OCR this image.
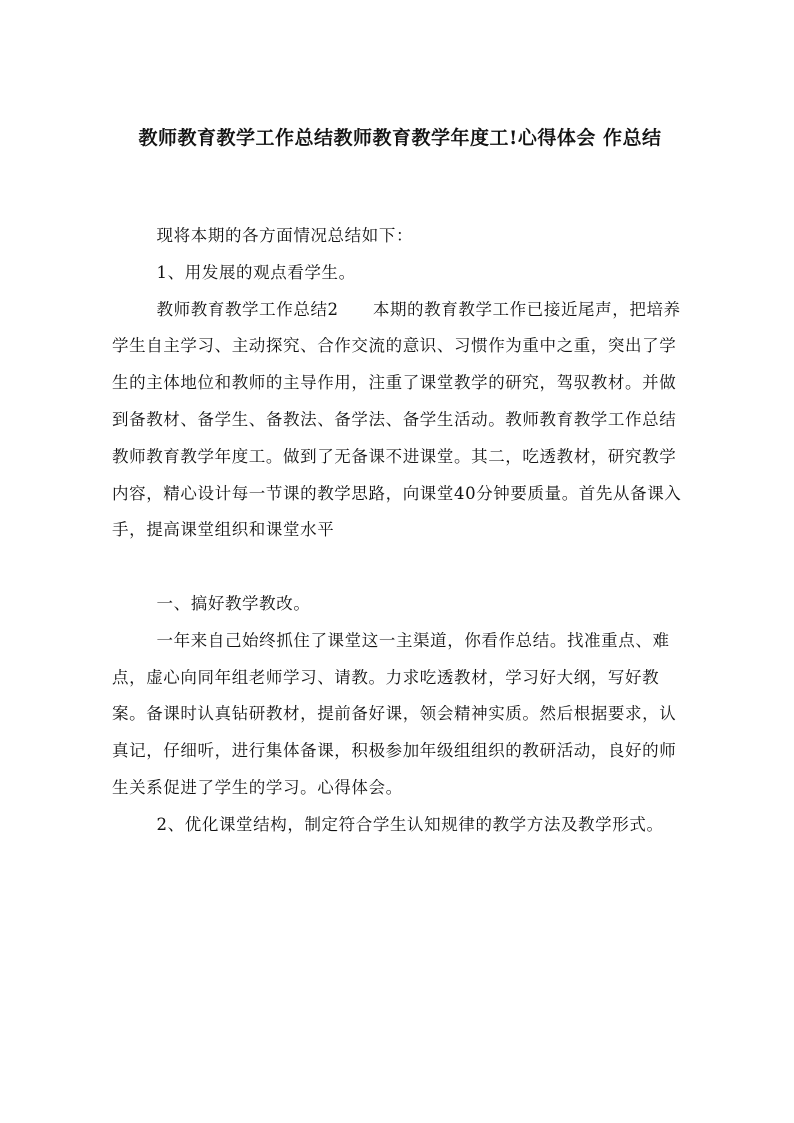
教师教育教学工作总结教师教育教学年度工!心得体会 作总结

现将本期的各方面情况总结如下：

1、用发展的观点看学生。

教师教育教学工作总结2　　本期的教育教学工作已接近尾声，把培养学生自主学习、主动探究、合作交流的意识、习惯作为重中之重，突出了学生的主体地位和教师的主导作用，注重了课堂教学的研究，驾驭教材。并做到备教材、备学生、备教法、备学法、备学生活动。教师教育教学工作总结教师教育教学年度工。做到了无备课不进课堂。其二，吃透教材，研究教学内容，精心设计每一节课的教学思路，向课堂40分钟要质量。首先从备课入手，提高课堂组织和课堂水平

一、搞好教学教改。

一年来自己始终抓住了课堂这一主渠道，你看作总结。找准重点、难点，虚心向同年组老师学习、请教。力求吃透教材，学习好大纲，写好教案。备课时认真钻研教材，提前备好课，领会精神实质。然后根据要求，认真记，仔细听，进行集体备课，积极参加年级组组织的教研活动，良好的师生关系促进了学生的学习。心得体会。

2、优化课堂结构，制定符合学生认知规律的教学方法及教学形式。
